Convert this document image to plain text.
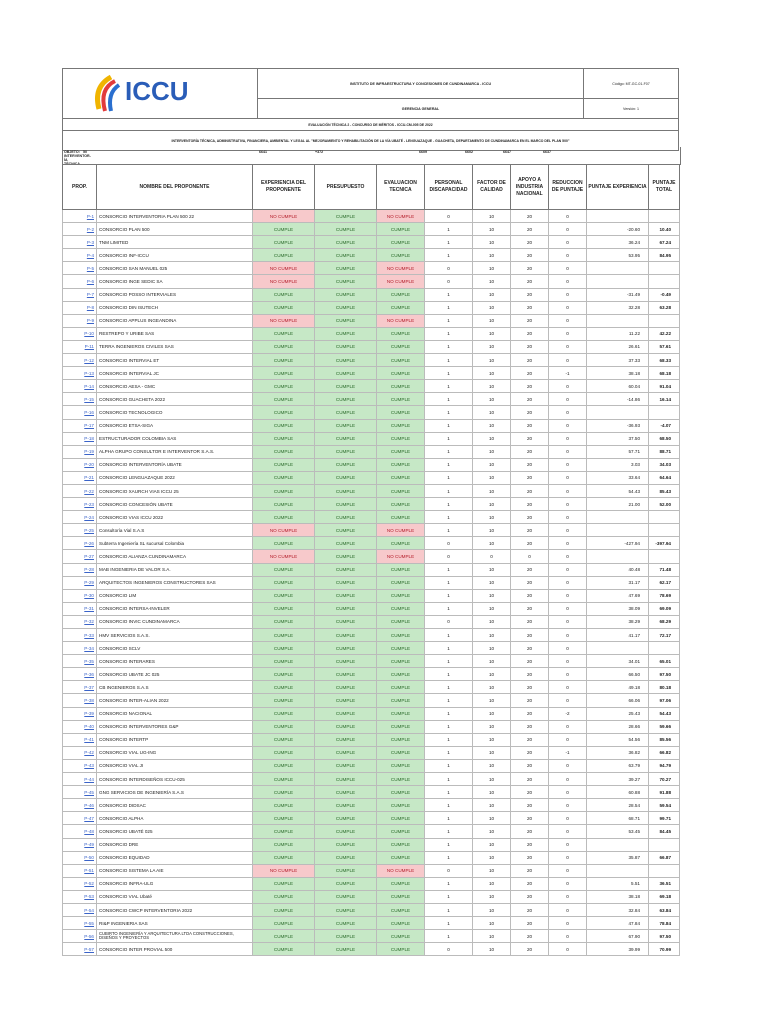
ICCU	INSTITUTO DE INFRAESTRUCTURA Y CONCESIONES DE CUNDINAMARCA - ICCU	Código: MT-GC-01-F07
	GERENCIA GENERAL	Versión: 1
EVALUACIÓN TÉCNICA 2 - CONCURSO DE MÉRITOS - ICCU-CM-005 DE 2022		
INTERVENTORÍA TÉCNICA, ADMINISTRATIVA, FINANCIERA, AMBIENTAL Y LEGAL AL "MEJORAMIENTO Y REHABILITACIÓN DE LA VÍA UBATÉ - LENGUAZAQUE - GUACHETA, DEPARTAMENTO DE CUNDINAMARCA EN EL MARCO DEL PLAN 500"		
OBJETO: INTERVENTOR-ÍA
50	6641	+372	6609	6602	6647	6637
PROP.	NOMBRE DEL PROPONENTE	EXPERIENCIA DEL PROPONENTE	PRESUPUESTO	EVALUACION TECNICA	PERSONAL DISCAPACIDAD	FACTOR DE CALIDAD	APOYO A INDUSTRIA NACIONAL	REDUCCION DE PUNTAJE	PUNTAJE EXPERIENCIA	PUNTAJE TOTAL
P-1	CONSORCIO INTERVENTORIA PLAN 500 22	NO CUMPLE	CUMPLE	NO CUMPLE	0	10	20	0		
P-2	CONSORCIO PLAN 500	CUMPLE	CUMPLE	CUMPLE	1	10	20	0	-20.60	10.40
P-3	TNM LIMITED	CUMPLE	CUMPLE	CUMPLE	1	10	20	0	36.24	67.24
P-4	CONSORCIO INF-ICCU	CUMPLE	CUMPLE	CUMPLE	1	10	20	0	53.95	84.95
P-5	CONSORCIO SAN MANUEL 025	NO CUMPLE	CUMPLE	NO CUMPLE	0	10	20	0		
P-6	CONSORCIO INGE SEDIC SA	NO CUMPLE	CUMPLE	NO CUMPLE	0	10	20	0		
P-7	CONSORCIO POSSO INTERVIALES	CUMPLE	CUMPLE	CUMPLE	1	10	20	0	-31.49	-0.49
P-8	CONSORCIO DIN ISUTECH	CUMPLE	CUMPLE	CUMPLE	1	10	20	0	32.28	63.28
P-9	CONSORCIO APPLUS INGEANDINA	NO CUMPLE	CUMPLE	NO CUMPLE	1	10	20	0		
P-10	RESTREPO Y URIBE SAS	CUMPLE	CUMPLE	CUMPLE	1	10	20	0	11.22	42.22
P-11	TERRA INGENIEROS CIVILES SAS	CUMPLE	CUMPLE	CUMPLE	1	10	20	0	26.61	57.61
P-12	CONSORCIO INTERVIAL ET	CUMPLE	CUMPLE	CUMPLE	1	10	20	0	37.33	68.33
P-13	CONSORCIO INTERVIAL JC	CUMPLE	CUMPLE	CUMPLE	1	10	20	-1	38.18	68.18
P-14	CONSORCIO AESA - GMC	CUMPLE	CUMPLE	CUMPLE	1	10	20	0	60.04	91.04
P-15	CONSORCIO GUACHETA 2022	CUMPLE	CUMPLE	CUMPLE	1	10	20	0	-14.86	16.14
P-16	CONSORCIO TECNOLOGICO	CUMPLE	CUMPLE	CUMPLE	1	10	20	0		
P-17	CONSORCIO ETSA-SIGA	CUMPLE	CUMPLE	CUMPLE	1	10	20	0	-36.93	-4.07
P-18	ESTRUCTURADOR COLOMBIA SAS	CUMPLE	CUMPLE	CUMPLE	1	10	20	0	37.50	68.50
P-19	ALPHA GRUPO CONSULTOR E INTERVENTOR S.A.S.	CUMPLE	CUMPLE	CUMPLE	1	10	20	0	57.71	88.71
P-20	CONSORCIO INTERVENTORÍA UBATE	CUMPLE	CUMPLE	CUMPLE	1	10	20	0	3.03	34.03
P-21	CONSORCIO LENGUAZAQUE 2022	CUMPLE	CUMPLE	CUMPLE	1	10	20	0	33.64	64.64
P-22	CONSORCIO XAURCH VIAS ICCU 25	CUMPLE	CUMPLE	CUMPLE	1	10	20	0	54.43	85.43
P-23	CONSORCIO CONCESIÓN UBATE	CUMPLE	CUMPLE	CUMPLE	1	10	20	0	21.00	52.00
P-24	CONSORCIO VIAS ICCU 2022	CUMPLE	CUMPLE	CUMPLE	1	10	20	0		
P-25	Consultoría Vial S.A.S	NO CUMPLE	CUMPLE	NO CUMPLE	1	10	20	0		
P-26	Subterra Ingeniería SL sucursal Colombia	CUMPLE	CUMPLE	CUMPLE	0	10	20	0	-427.94	-397.94
P-27	CONSORCIO ALIANZA CUNDINAMARCA	NO CUMPLE	CUMPLE	NO CUMPLE	0	0	0	0		
P-28	MAB INGENIERIA DE VALOR S.A.	CUMPLE	CUMPLE	CUMPLE	1	10	20	0	40.48	71.48
P-29	ARQUITECTOS INGENIEROS CONSTRUCTORES SAS	CUMPLE	CUMPLE	CUMPLE	1	10	20	0	31.17	62.17
P-30	CONSORCIO LIM	CUMPLE	CUMPLE	CUMPLE	1	10	20	0	47.69	78.69
P-31	CONSORCIO INTERSA-INVELER	CUMPLE	CUMPLE	CUMPLE	1	10	20	0	38.09	69.09
P-32	CONSORCIO INVIC CUNDINAMARCA	CUMPLE	CUMPLE	CUMPLE	0	10	20	0	38.29	68.29
P-33	HMV SERVICIOS S.A.S.	CUMPLE	CUMPLE	CUMPLE	1	10	20	0	41.17	72.17
P-34	CONSORCIO SCLV	CUMPLE	CUMPLE	CUMPLE	1	10	20	0		
P-35	CONSORCIO INTERARES	CUMPLE	CUMPLE	CUMPLE	1	10	20	0	34.01	65.01
P-36	CONSORCIO UBATE JC 025	CUMPLE	CUMPLE	CUMPLE	1	10	20	0	66.50	97.50
P-37	CB INGENIEROS S.A.S	CUMPLE	CUMPLE	CUMPLE	1	10	20	0	49.18	80.18
P-38	CONSORCIO INTER-ALIAN 2022	CUMPLE	CUMPLE	CUMPLE	1	10	20	0	66.06	97.06
P-39	CONSORCIO NACIONAL	CUMPLE	CUMPLE	CUMPLE	1	10	20	-2	25.43	54.43
P-40	CONSORCIO INTERVENTORES G&P	CUMPLE	CUMPLE	CUMPLE	1	10	20	0	28.66	59.66
P-41	CONSORCIO INTERTP	CUMPLE	CUMPLE	CUMPLE	1	10	20	0	54.56	85.56
P-42	CONSORCIO VIAL UG-ING	CUMPLE	CUMPLE	CUMPLE	1	10	20	-1	36.82	66.82
P-43	CONSORCIO VIAL JI	CUMPLE	CUMPLE	CUMPLE	1	10	20	0	63.79	94.79
P-44	CONSORCIO INTERDISEÑOS ICCU-025	CUMPLE	CUMPLE	CUMPLE	1	10	20	0	39.27	70.27
P-45	GNG SERVICIOS DE INGENIERÍA S.A.S	CUMPLE	CUMPLE	CUMPLE	1	10	20	0	60.88	91.88
P-46	CONSORCIO DIDSAC	CUMPLE	CUMPLE	CUMPLE	1	10	20	0	28.54	59.54
P-47	CONSORCIO ALPHA	CUMPLE	CUMPLE	CUMPLE	1	10	20	0	68.71	99.71
P-48	CONSORCIO UBATÉ 025	CUMPLE	CUMPLE	CUMPLE	1	10	20	0	53.45	84.45
P-49	CONSORCIO DRE	CUMPLE	CUMPLE	CUMPLE	1	10	20	0		
P-50	CONSORCIO EQUIDAD	CUMPLE	CUMPLE	CUMPLE	1	10	20	0	35.87	66.87
P-51	CONSORCIO SISTEMA LA AIE	NO CUMPLE	CUMPLE	NO CUMPLE	0	10	20	0		
P-52	CONSORCIO INFRA-ULG	CUMPLE	CUMPLE	CUMPLE	1	10	20	0	5.51	36.51
P-53	CONSORCIO VIAL Ubaté	CUMPLE	CUMPLE	CUMPLE	1	10	20	0	38.18	69.18
P-54	CONSORCIO CWCP INTERVENTORIA 2022	CUMPLE	CUMPLE	CUMPLE	1	10	20	0	32.84	63.84
P-55	RI&P INGENIERIA SAS	CUMPLE	CUMPLE	CUMPLE	1	10	20	0	47.84	78.84
P-56	CUBIRTO INGENIERÍA Y ARQUITECTURA LTDA CONSTRUCCIONES, DISEÑOS Y PROYECTOS	CUMPLE	CUMPLE	CUMPLE	1	10	20	0	67.90	97.50
P-57	CONSORCIO INTER PROVIAL 500	CUMPLE	CUMPLE	CUMPLE	0	10	20	0	39.99	70.99
